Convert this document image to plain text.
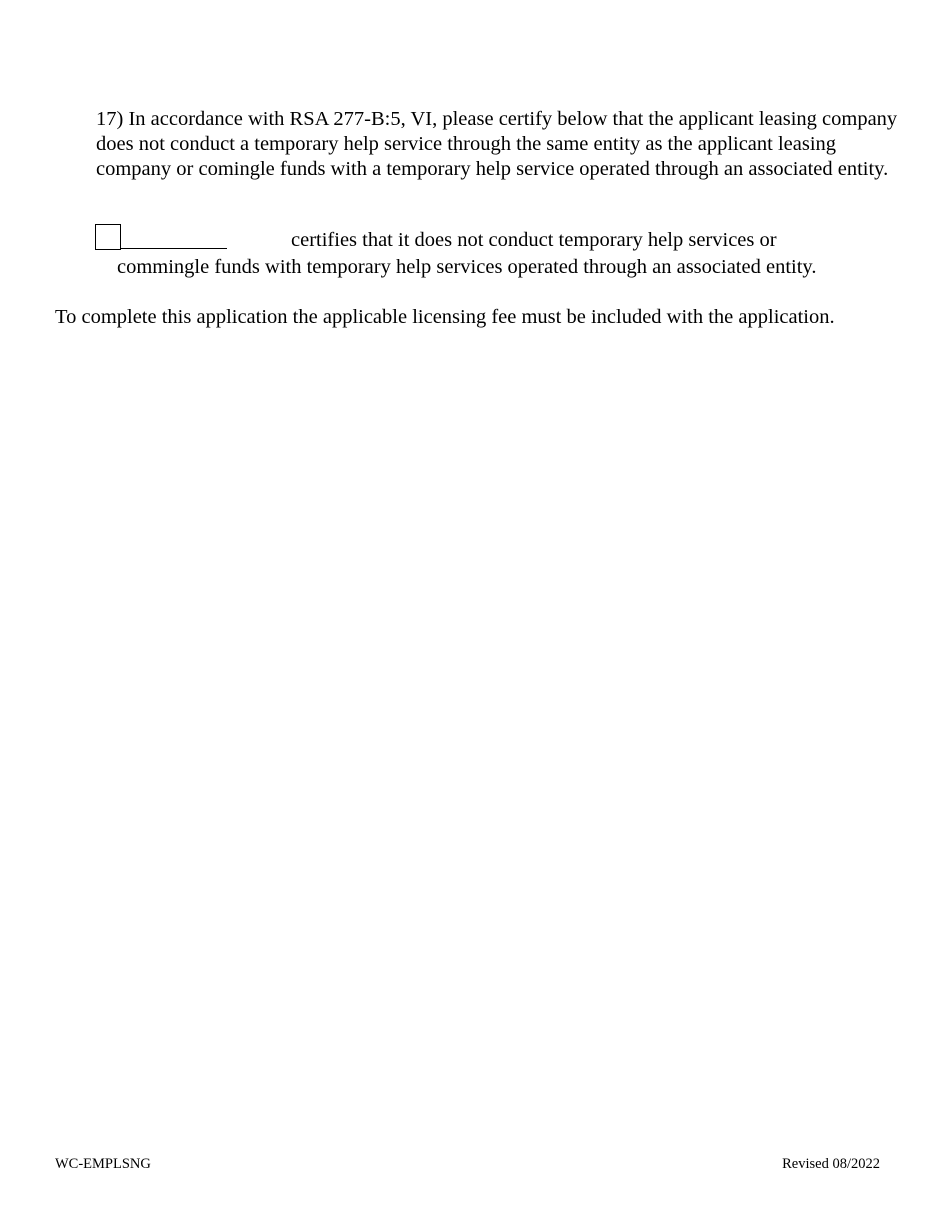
17) In accordance with RSA 277-B:5, VI, please certify below that the applicant leasing company does not conduct a temporary help service through the same entity as the applicant leasing company or comingle funds with a temporary help service operated through an associated entity.

certifies that it does not conduct temporary help services or
commingle funds with temporary help services operated through an associated entity.
To complete this application the applicable licensing fee must be included with the application.
WC-EMPLSNG	Revised 08/2022
